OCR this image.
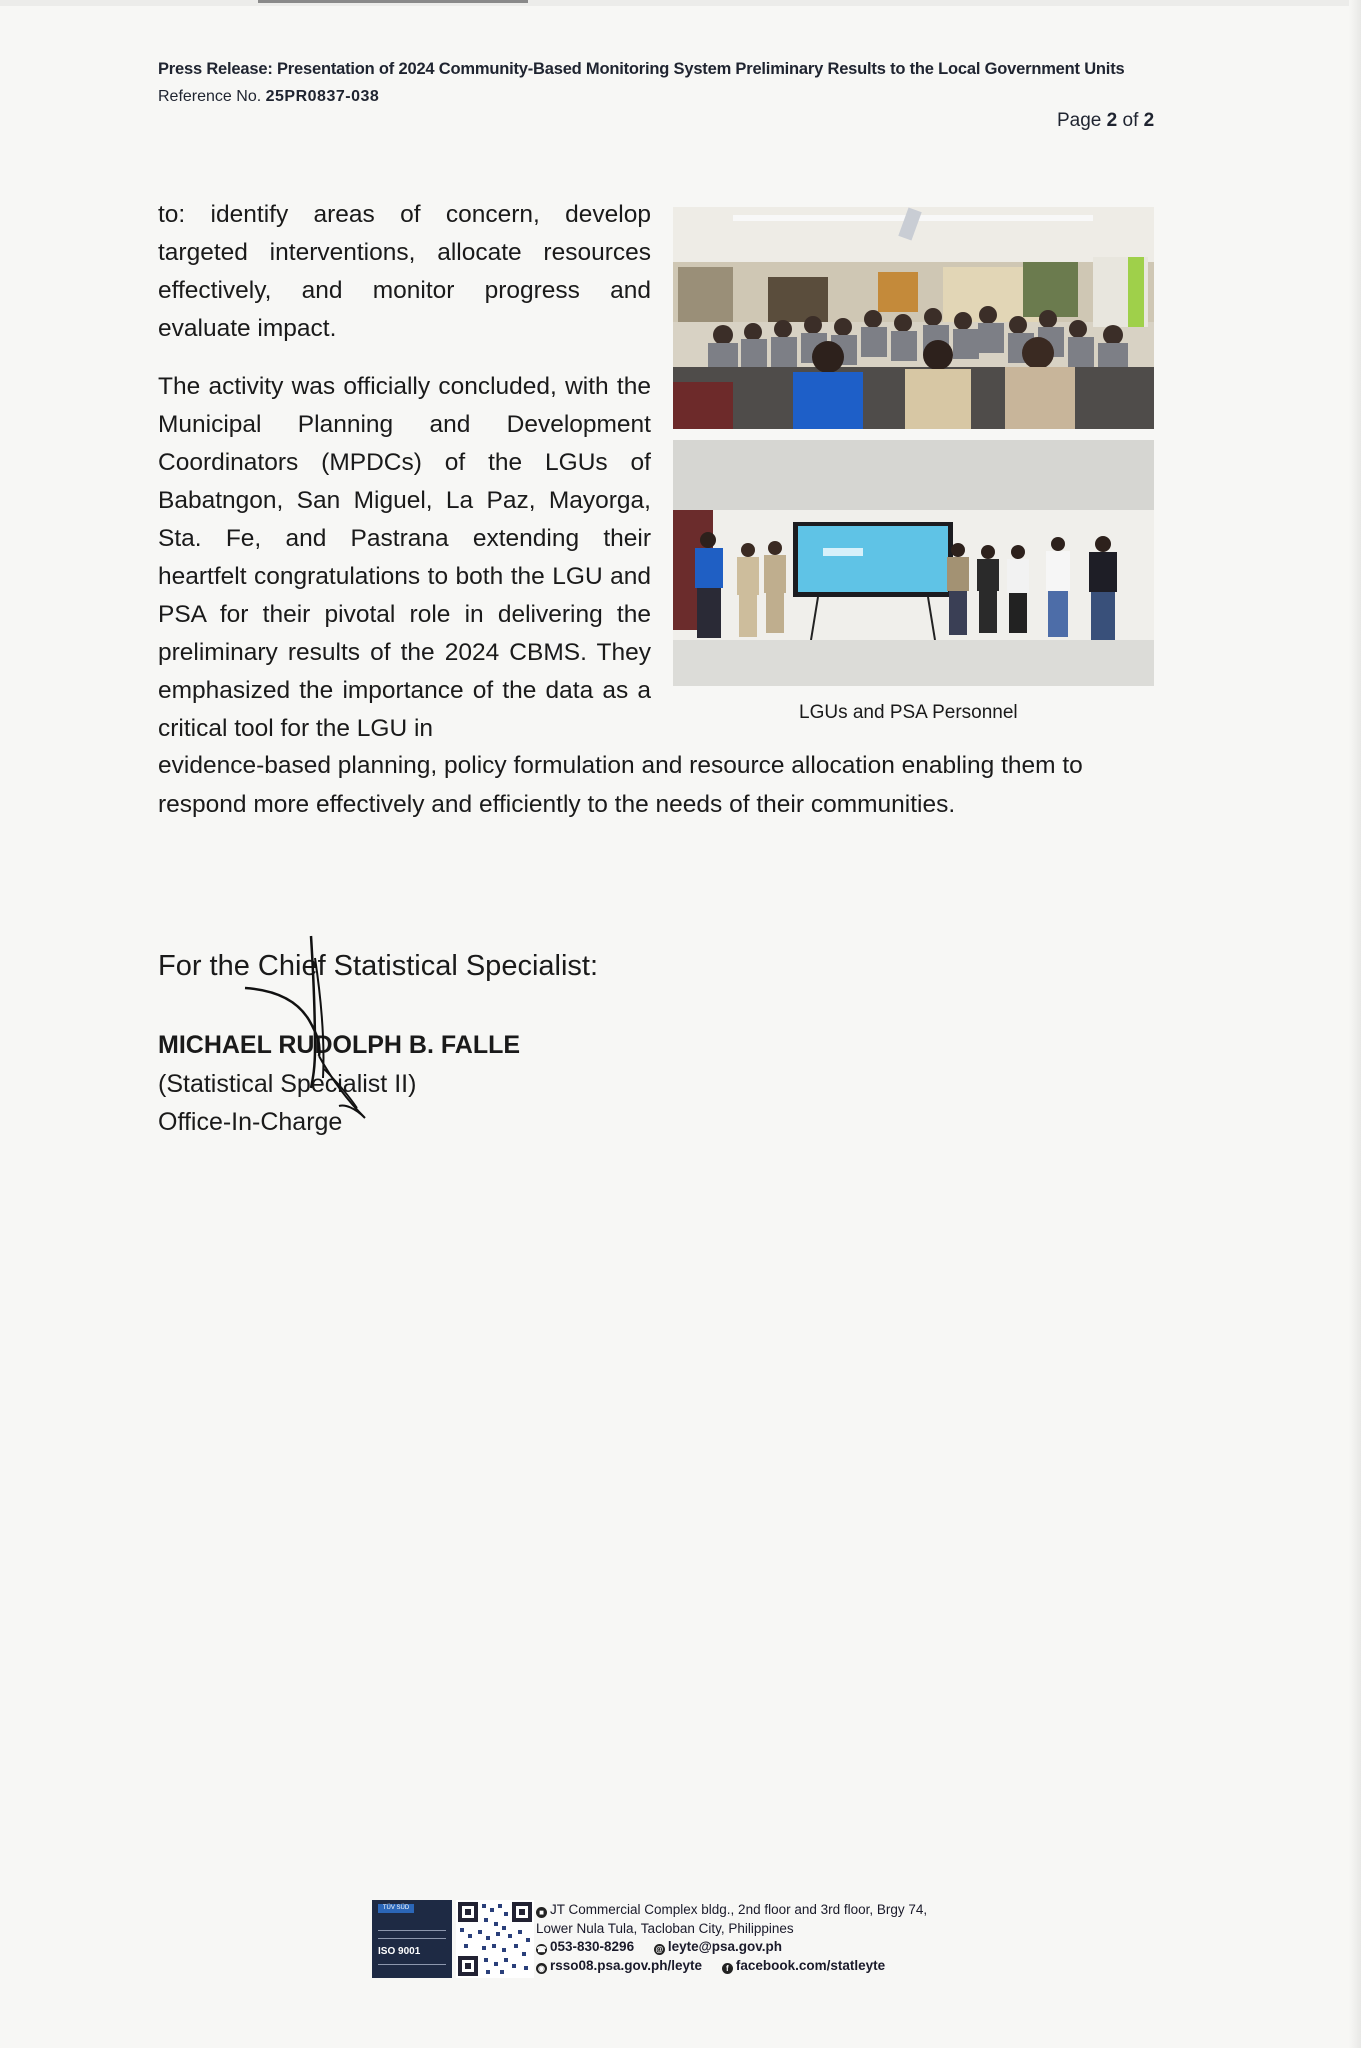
Press Release: Presentation of 2024 Community-Based Monitoring System Preliminary Results to the Local Government Units
Reference No. 25PR0837-038
Page 2 of 2
to: identify areas of concern, develop targeted interventions, allocate resources effectively, and monitor progress and evaluate impact.
The activity was officially concluded, with the Municipal Planning and Development Coordinators (MPDCs) of the LGUs of Babatngon, San Miguel, La Paz, Mayorga, Sta. Fe, and Pastrana extending their heartfelt congratulations to both the LGU and PSA for their pivotal role in delivering the preliminary results of the 2024 CBMS. They emphasized the importance of the data as a critical tool for the LGU in
evidence-based planning, policy formulation and resource allocation enabling them to
respond more effectively and efficiently to the needs of their communities.
LGUs and PSA Personnel
For the Chief Statistical Specialist:
MICHAEL RUDOLPH B. FALLE
(Statistical Specialist II)
Office-In-Charge
TÜV SÜD
ISO 9001
■ JT Commercial Complex bldg., 2nd floor and 3rd floor, Brgy 74,
Lower Nula Tula, Tacloban City, Philippines
☎ 053-830-8296	@ leyte@psa.gov.ph
◉ rsso08.psa.gov.ph/leyte	f facebook.com/statleyte
